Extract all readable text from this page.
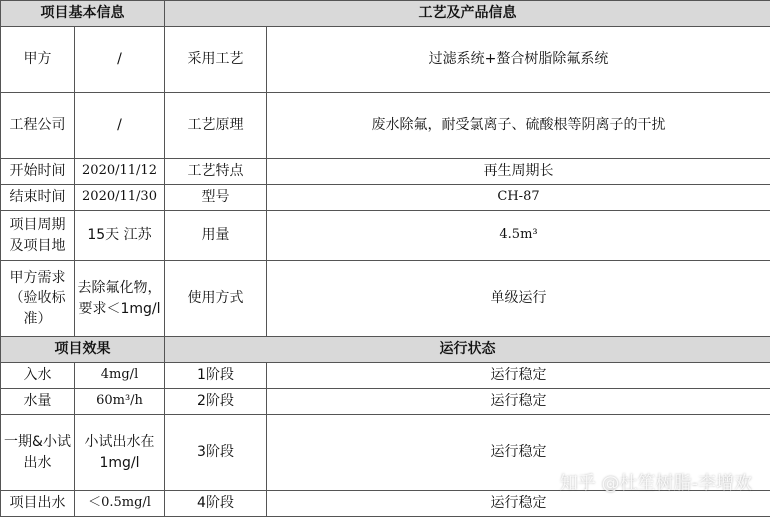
项目基本信息		工艺及产品信息	
甲方	/	采用工艺	过滤系统+螯合树脂除氟系统
工程公司	/	工艺原理	废水除氟，耐受氯离子、硫酸根等阴离子的干扰
开始时间	2020/11/12	工艺特点	再生周期长
结束时间	2020/11/30	型号	CH-87
项目周期及项目地	15天 江苏	用量	4.5m³
甲方需求（验收标准）	去除氟化物，要求＜1mg/l	使用方式	单级运行
项目效果		运行状态	
入水	4mg/l	1阶段	运行稳定
水量	60m³/h	2阶段	运行稳定
一期&小试出水	小试出水在1mg/l	3阶段	运行稳定
项目出水	＜0.5mg/l	4阶段	运行稳定
知乎 @杜笙树脂-李增欢
